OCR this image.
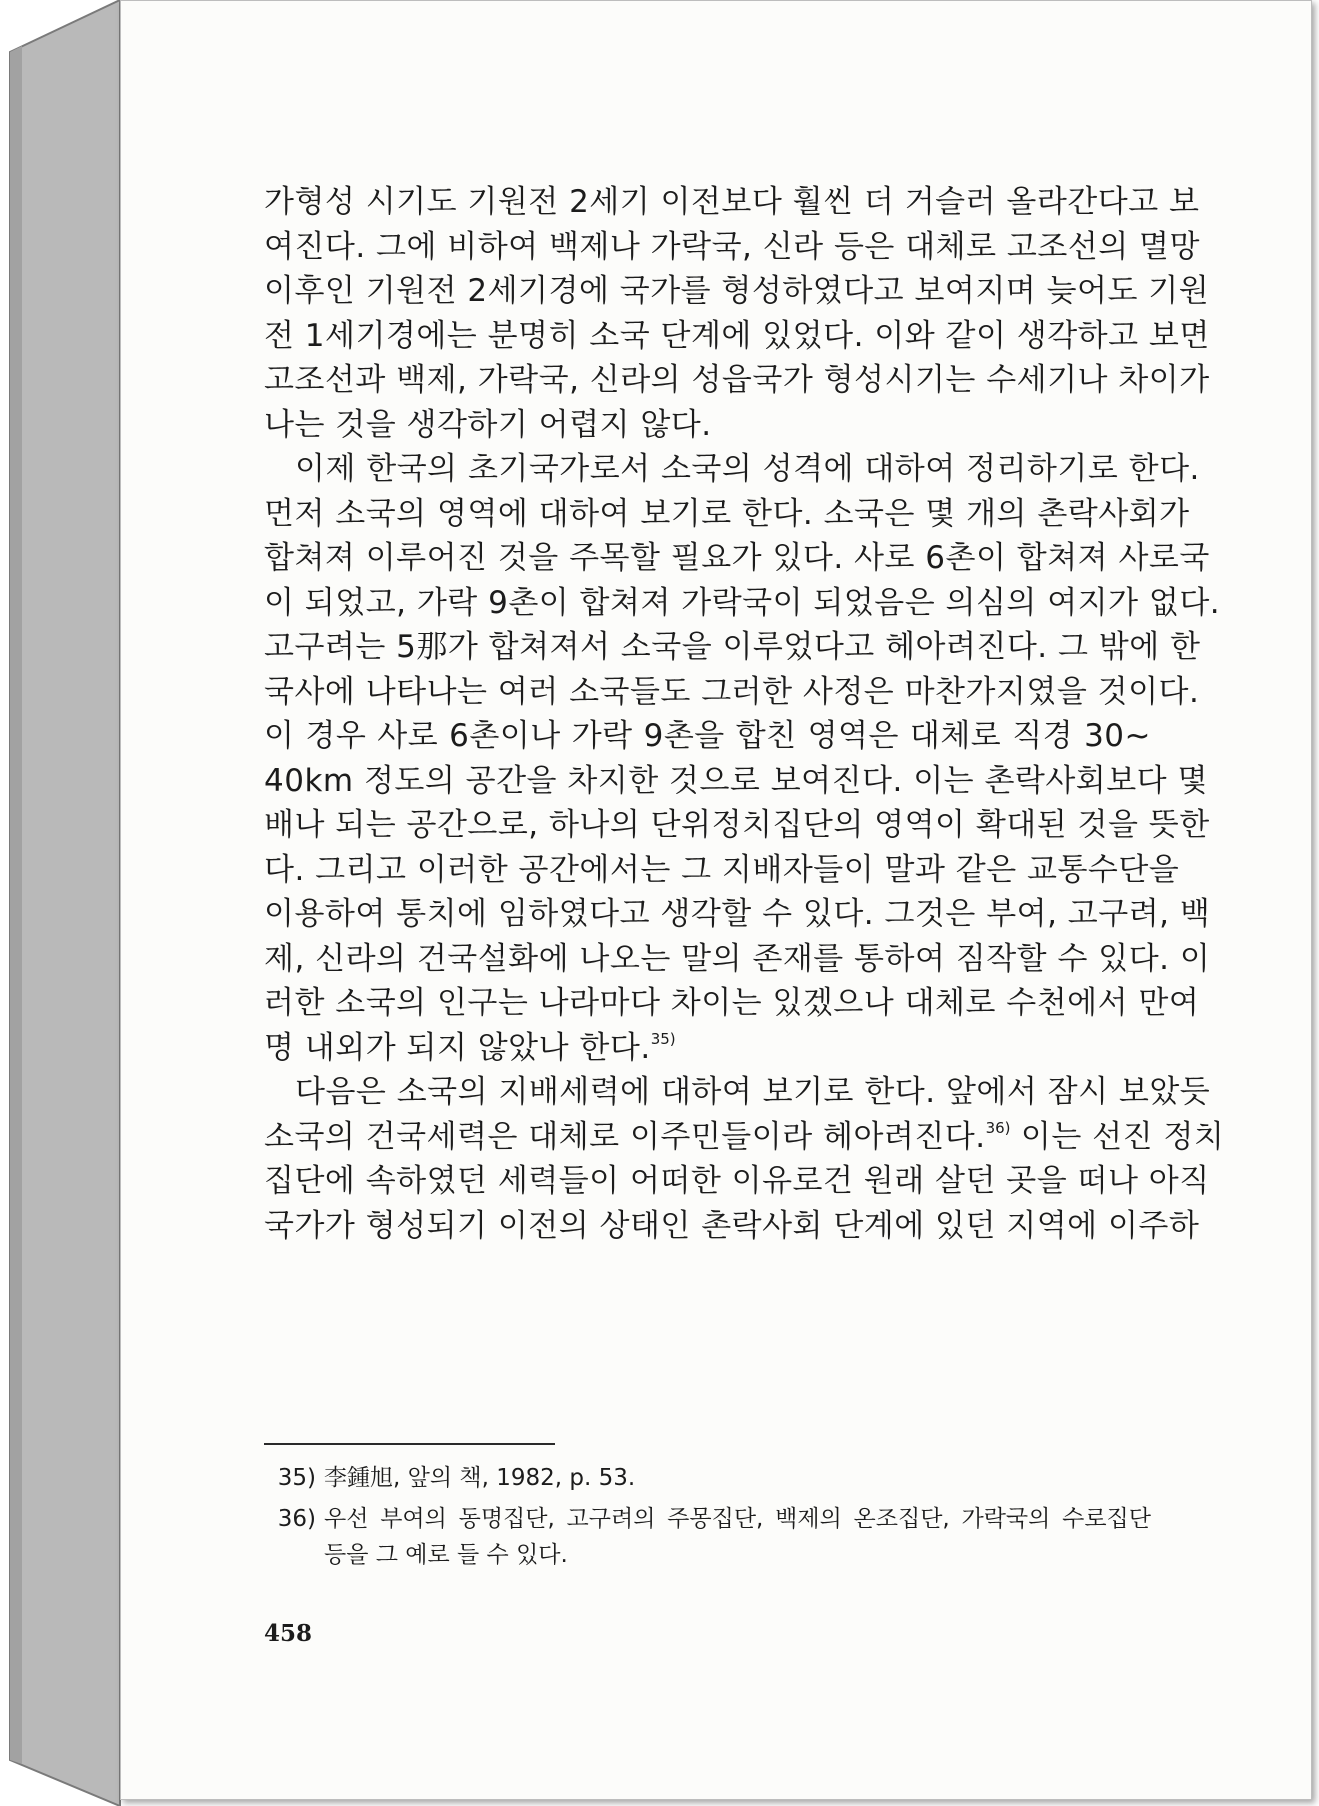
가형성 시기도 기원전 2세기 이전보다 훨씬 더 거슬러 올라간다고 보
여진다. 그에 비하여 백제나 가락국, 신라 등은 대체로 고조선의 멸망
이후인 기원전 2세기경에 국가를 형성하였다고 보여지며 늦어도 기원
전 1세기경에는 분명히 소국 단계에 있었다. 이와 같이 생각하고 보면
고조선과 백제, 가락국, 신라의 성읍국가 형성시기는 수세기나 차이가
나는 것을 생각하기 어렵지 않다.

이제 한국의 초기국가로서 소국의 성격에 대하여 정리하기로 한다.
먼저 소국의 영역에 대하여 보기로 한다. 소국은 몇 개의 촌락사회가
합쳐져 이루어진 것을 주목할 필요가 있다. 사로 6촌이 합쳐져 사로국
이 되었고, 가락 9촌이 합쳐져 가락국이 되었음은 의심의 여지가 없다.
고구려는 5那가 합쳐져서 소국을 이루었다고 헤아려진다. 그 밖에 한
국사에 나타나는 여러 소국들도 그러한 사정은 마찬가지였을 것이다.
이 경우 사로 6촌이나 가락 9촌을 합친 영역은 대체로 직경 30~
40km 정도의 공간을 차지한 것으로 보여진다. 이는 촌락사회보다 몇
배나 되는 공간으로, 하나의 단위정치집단의 영역이 확대된 것을 뜻한
다. 그리고 이러한 공간에서는 그 지배자들이 말과 같은 교통수단을
이용하여 통치에 임하였다고 생각할 수 있다. 그것은 부여, 고구려, 백
제, 신라의 건국설화에 나오는 말의 존재를 통하여 짐작할 수 있다. 이
러한 소국의 인구는 나라마다 차이는 있겠으나 대체로 수천에서 만여
명 내외가 되지 않았나 한다.$^{35)}$

다음은 소국의 지배세력에 대하여 보기로 한다. 앞에서 잠시 보았듯
소국의 건국세력은 대체로 이주민들이라 헤아려진다.$^{36)}$ 이는 선진 정치
집단에 속하였던 세력들이 어떠한 이유로건 원래 살던 곳을 떠나 아직
국가가 형성되기 이전의 상태인 촌락사회 단계에 있던 지역에 이주하

35) 李鍾旭, 앞의 책, 1982, p. 53.
36) 우선 부여의 동명집단, 고구려의 주몽집단, 백제의 온조집단, 가락국의 수로집단
등을 그 예로 들 수 있다.
458
